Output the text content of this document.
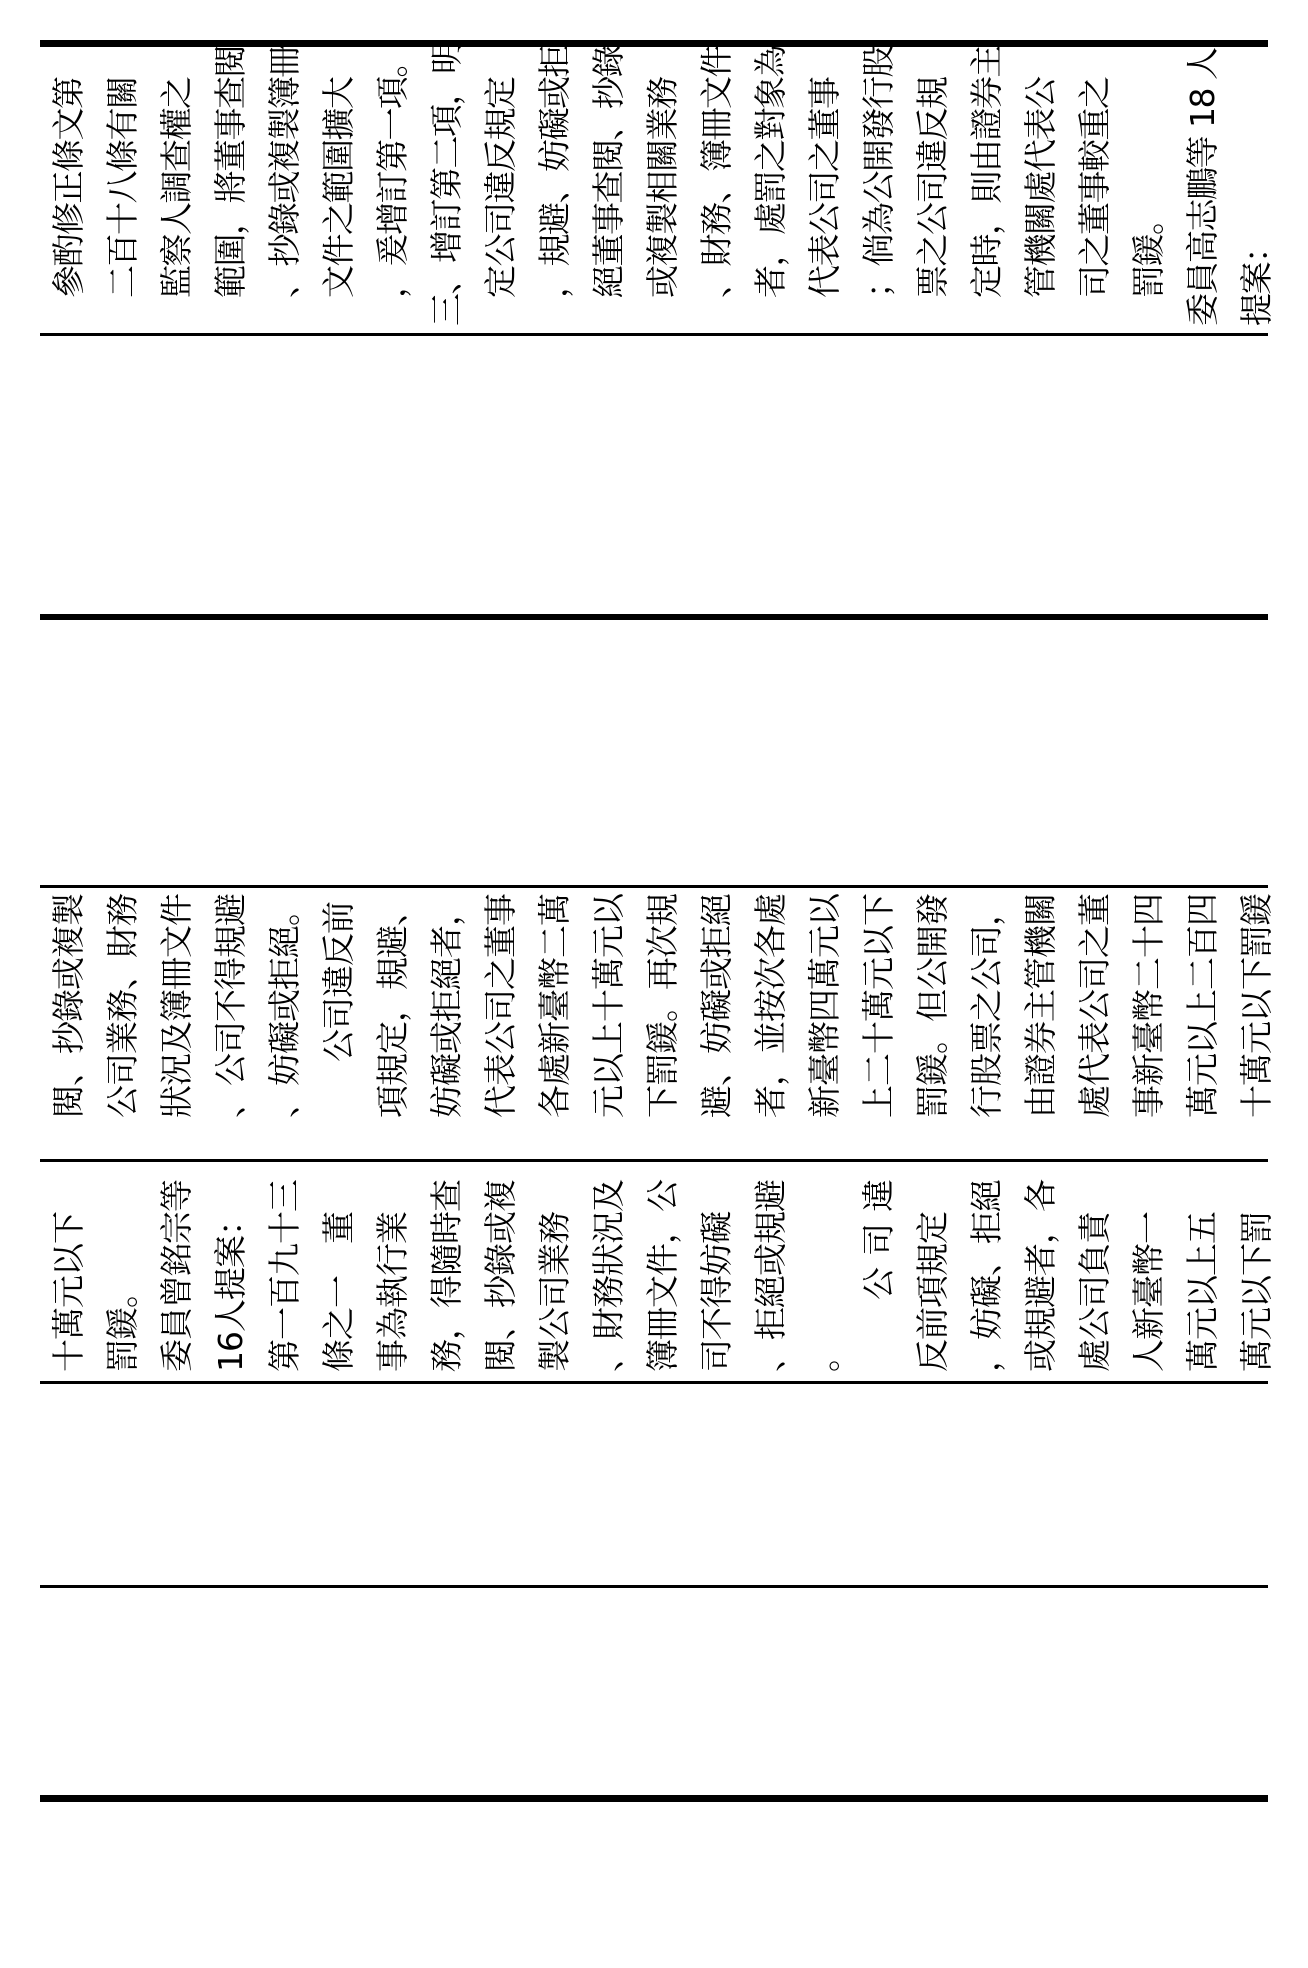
十萬元以下 罰鍰。 委員曾銘宗等 16人提案： 第一百九十三 條之一　董 事為執行業 務，得隨時查 閱、抄錄或複 製公司業務 、財務狀況及 簿冊文件，公 司不得妨礙 、拒絕或規避 。
公司違 反前項規定 ，妨礙、拒絕 或規避者，各 處公司負責 人新臺幣一 萬元以上五 萬元以下罰
閱、抄錄或複製 公司業務、財務 狀況及簿冊文件 、公司不得規避 、妨礙或拒絕。 公司違反前 項規定，規避、 妨礙或拒絕者， 代表公司之董事 各處新臺幣二萬 元以上十萬元以 下罰鍰。再次規 避、妨礙或拒絕 者，並按次各處 新臺幣四萬元以 上二十萬元以下 罰鍰。但公開發 行股票之公司， 由證券主管機關 處代表公司之董 事新臺幣二十四 萬元以上二百四 十萬元以下罰鍰
參酌修正條文第 二百十八條有關 監察人調查權之 範圍，將董事查閱 、抄錄或複製簿冊 文件之範圍擴大 ，爰增訂第一項。 三、增訂第二項，明 定公司違反規定 ，規避、妨礙或拒 絕董事查閱、抄錄 或複製相關業務 、財務、簿冊文件 者，處罰之對象為 代表公司之董事 ；倘為公開發行股 票之公司違反規 定時，則由證券主 管機關處代表公 司之董事較重之 罰鍰。 委員高志鵬等 18 人 提案：
